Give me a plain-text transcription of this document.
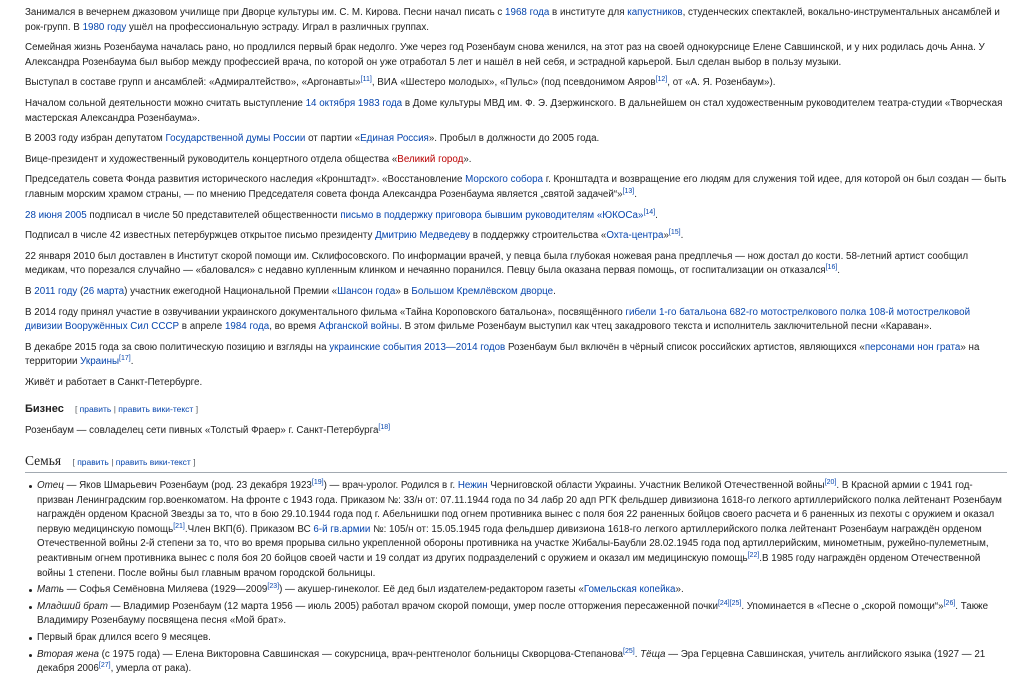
Занимался в вечернем джазовом училище при Дворце культуры им. С. М. Кирова. Песни начал писать с 1968 года в институте для капустников, студенческих спектаклей, вокально-инструментальных ансамблей и рок-групп. В 1980 году ушёл на профессиональную эстраду. Играл в различных группах.

Семейная жизнь Розенбаума началась рано, но продлился первый брак недолго. Уже через год Розенбаум снова женился, на этот раз на своей однокурснице Елене Савшинской, и у них родилась дочь Анна. У Александра Розенбаума был выбор между профессией врача, по которой он уже отработал 5 лет и нашёл в ней себя, и эстрадной карьерой. Был сделан выбор в пользу музыки.

Выступал в составе групп и ансамблей: «Адмиралтейство», «Аргонавты»[11], ВИА «Шестеро молодых», «Пульс» (под псевдонимом Аяров[12], от «А. Я. Розенбаум»).

Началом сольной деятельности можно считать выступление 14 октября 1983 года в Доме культуры МВД им. Ф. Э. Дзержинского. В дальнейшем он стал художественным руководителем театра-студии «Творческая мастерская Александра Розенбаума».

В 2003 году избран депутатом Государственной думы России от партии «Единая Россия». Пробыл в должности до 2005 года.

Вице-президент и художественный руководитель концертного отдела общества «Великий город».

Председатель совета Фонда развития исторического наследия «Кронштадт». «Восстановление Морского собора г. Кронштадта и возвращение его людям для служения той идее, для которой он был создан — быть главным морским храмом страны, — по мнению Председателя совета фонда Александра Розенбаума является „святой задачей“»[13].

28 июня 2005 подписал в числе 50 представителей общественности письмо в поддержку приговора бывшим руководителям «ЮКОСа»[14].

Подписал в числе 42 известных петербуржцев открытое письмо президенту Дмитрию Медведеву в поддержку строительства «Охта-центра»[15].

22 января 2010 был доставлен в Институт скорой помощи им. Склифосовского. По информации врачей, у певца была глубокая ножевая рана предплечья — нож достал до кости. 58-летний артист сообщил медикам, что порезался случайно — «баловался» с недавно купленным клинком и нечаянно поранился. Певцу была оказана первая помощь, от госпитализации он отказался[16].

В 2011 году (26 марта) участник ежегодной Национальной Премии «Шансон года» в Большом Кремлёвском дворце.

В 2014 году принял участие в озвучивании украинского документального фильма «Тайна Короповского батальона», посвящённого гибели 1-го батальона 682-го мотострелкового полка 108-й мотострелковой дивизии Вооружённых Сил СССР в апреле 1984 года, во время Афганской войны. В этом фильме Розенбаум выступил как чтец закадрового текста и исполнитель заключительной песни «Караван».

В декабре 2015 года за свою политическую позицию и взгляды на украинские события 2013—2014 годов Розенбаум был включён в чёрный список российских артистов, являющихся «персонами нон грата» на территории Украины[17].

Живёт и работает в Санкт-Петербурге.

Бизнес [ править | править вики-текст ]

Розенбаум — совладелец сети пивных «Толстый Фраер» г. Санкт-Петербурга[18]

Семья [ править | править вики-текст ]
Отец — Яков Шмарьевич Розенбаум (род. 23 декабря 1923[19]) — врач-уролог. Родился в г. Нежин Черниговской области Украины. Участник Великой Отечественной войны[20]. В Красной армии с 1941 год-призван Ленинградским гор.военкоматом. На фронте с 1943 года. Приказом №: 33/н от: 07.11.1944 года по 34 лабр 20 адп РГК фельдшер дивизиона 1618-го легкого артиллерийского полка лейтенант Розенбаум награждён орденом Красной Звезды за то, что в бою 29.10.1944 года под г. Абельнишки под огнем противника вынес с поля боя 22 раненных бойцов своего расчета и 6 раненных из пехоты с оружием и оказал первую медицинскую помощь[21].Член ВКП(б). Приказом ВС 6-й гв.армии №: 105/н от: 15.05.1945 года фельдшер дивизиона 1618-го легкого артиллерийского полка лейтенант Розенбаум награждён орденом Отечественной войны 2-й степени за то, что во время прорыва сильно укрепленной обороны противника на участке Жибалы-Баубли 28.02.1945 года под артиллерийским, минометным, ружейно-пулеметным, реактивным огнем противника вынес с поля боя 20 бойцов своей части и 19 солдат из других подразделений с оружием и оказал им медицинскую помощь[22].В 1985 году награждён орденом Отечественной войны 1 степени. После войны был главным врачом городской больницы.
Мать — Софья Семёновна Миляева (1929—2009[23]) — акушер-гинеколог. Её дед был издателем-редактором газеты «Гомельская копейка».
Младший брат — Владимир Розенбаум (12 марта 1956 — июль 2005) работал врачом скорой помощи, умер после отторжения пересаженной почки[24][25]. Упоминается в «Песне о „скорой помощи“»[26]. Также Владимиру Розенбауму посвящена песня «Мой брат».
Первый брак длился всего 9 месяцев.
Вторая жена (с 1975 года) — Елена Викторовна Савшинская — сокурсница, врач-рентгенолог больницы Скворцова-Степанова[25]. Тёща — Эра Герцевна Савшинская, учитель английского языка (1927 — 21 декабря 2006[27], умерла от рака).
